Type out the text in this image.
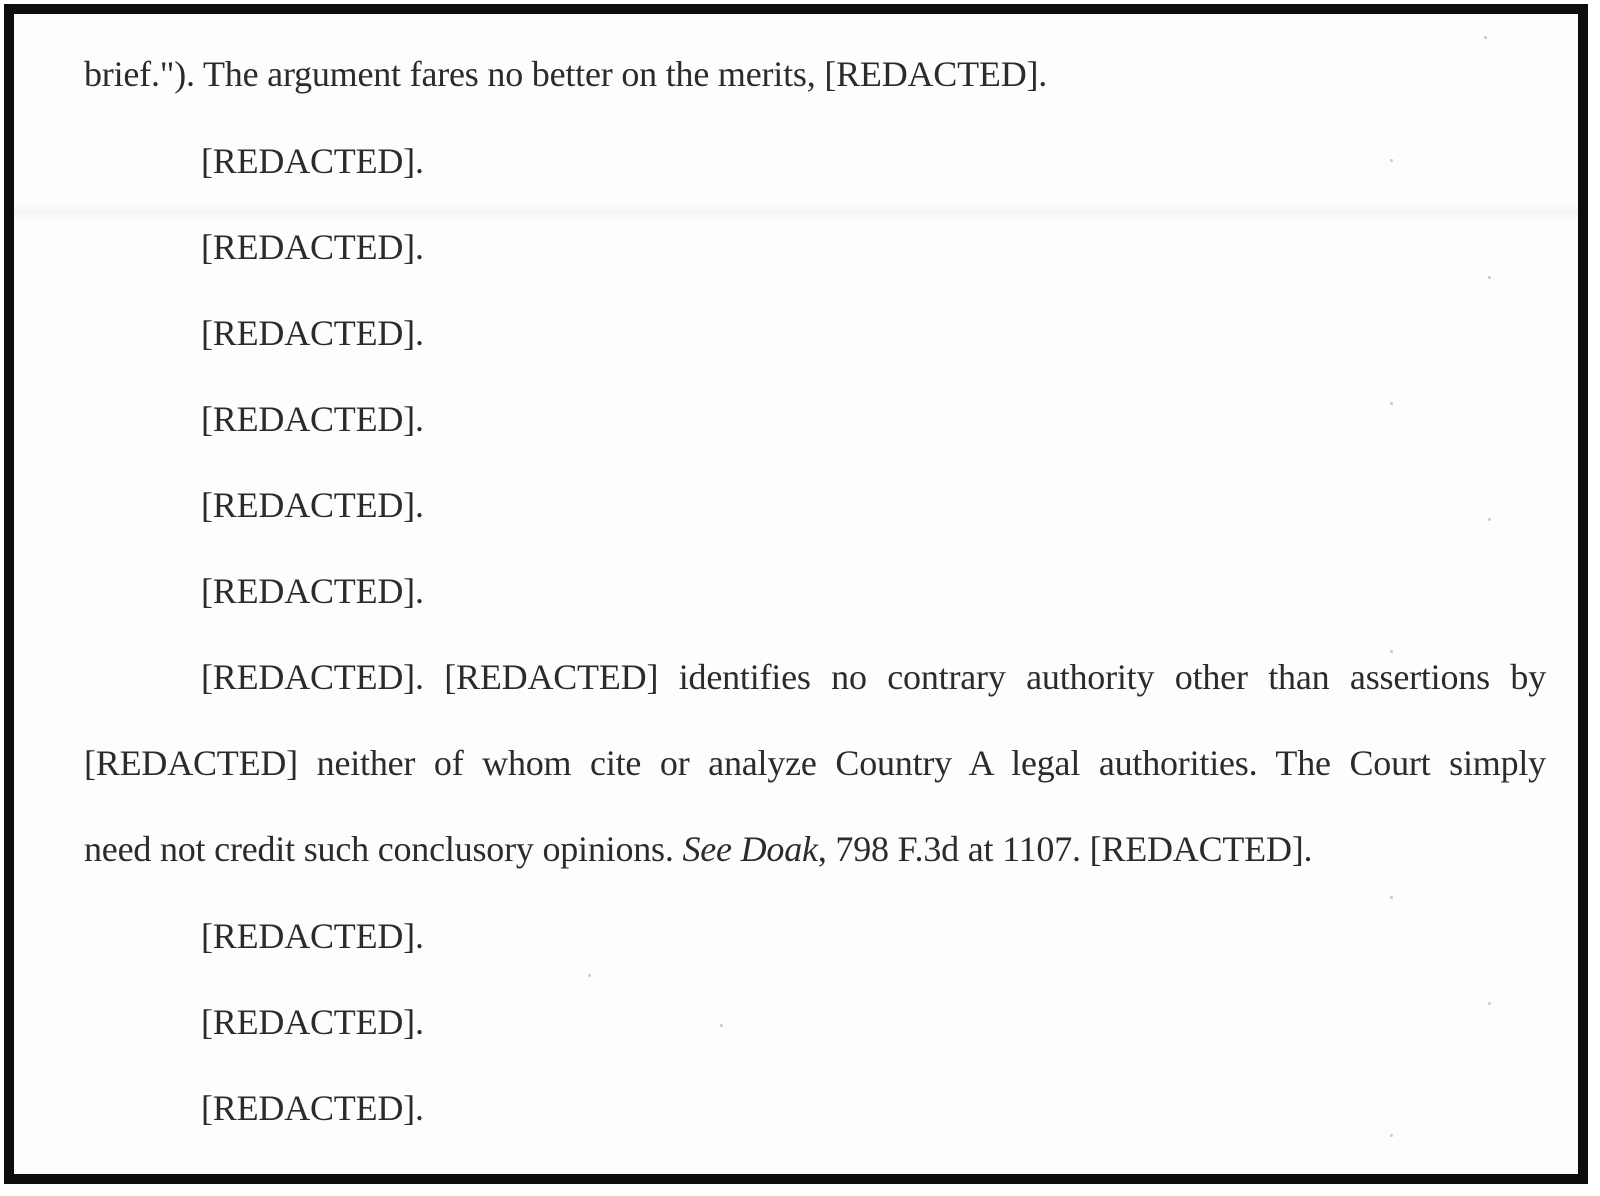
brief."). The argument fares no better on the merits, [REDACTED].
[REDACTED].
[REDACTED].
[REDACTED].
[REDACTED].
[REDACTED].
[REDACTED].
[REDACTED]. [REDACTED] identifies no contrary authority other than assertions by
[REDACTED] neither of whom cite or analyze Country A legal authorities. The Court simply
need not credit such conclusory opinions. See Doak, 798 F.3d at 1107. [REDACTED].
[REDACTED].
[REDACTED].
[REDACTED].
